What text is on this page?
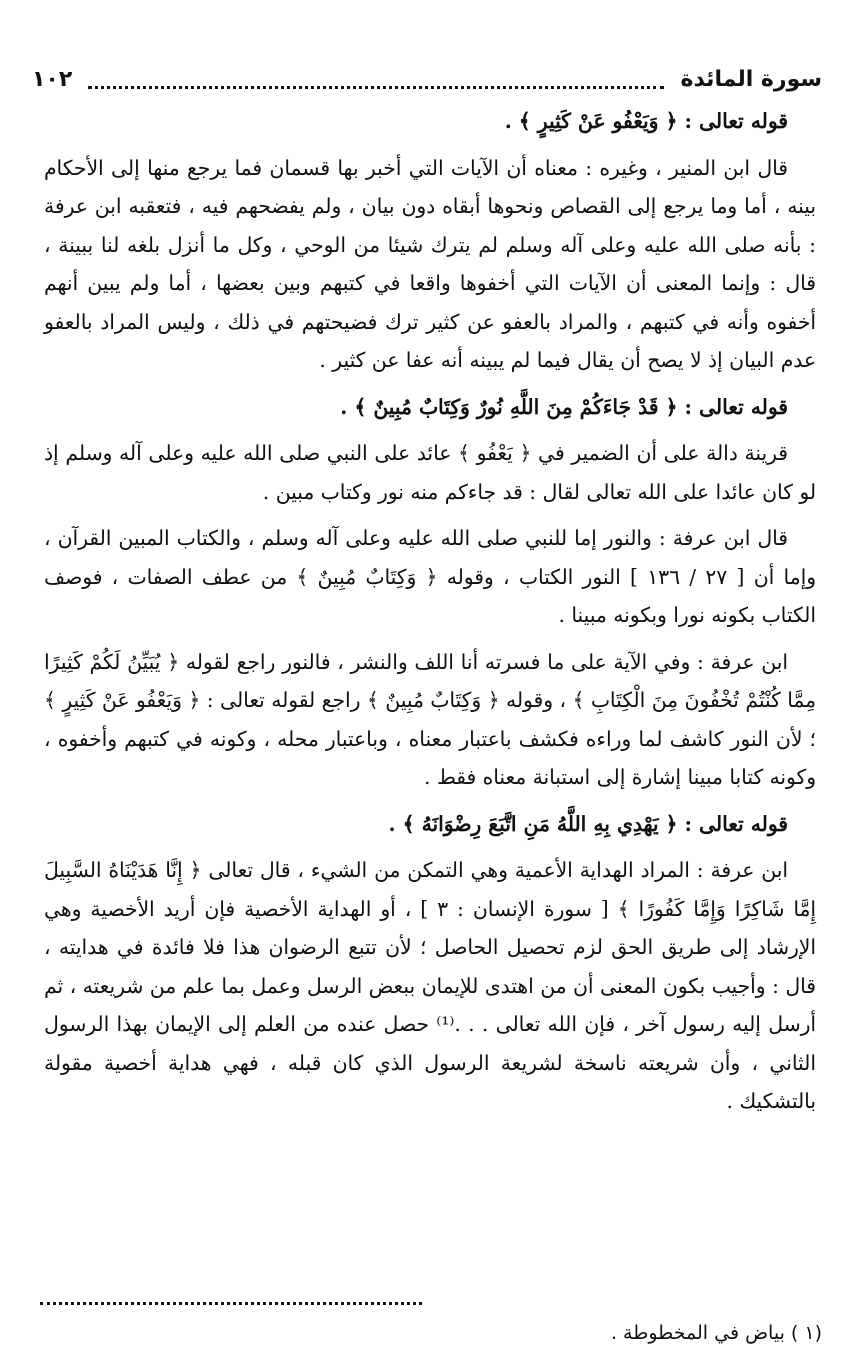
سورة المائدة
١٠٢

قوله تعالى : ﴿ وَيَعْفُو عَنْ كَثِيرٍ ﴾ .

قال ابن المنير ، وغيره : معناه أن الآيات التي أخبر بها قسمان فما يرجع منها إلى الأحكام بينه ، أما وما يرجع إلى القصاص ونحوها أبقاه دون بيان ، ولم يفضحهم فيه ، فتعقبه ابن عرفة : بأنه صلى الله عليه وعلى آله وسلم لم يترك شيئا من الوحي ، وكل ما أنزل بلغه لنا ببينة ، قال : وإنما المعنى أن الآيات التي أخفوها واقعا في كتبهم وبين بعضها ، أما ولم يبين أنهم أخفوه وأنه في كتبهم ، والمراد بالعفو عن كثير ترك فضيحتهم في ذلك ، وليس المراد بالعفو عدم البيان إذ لا يصح أن يقال فيما لم يبينه أنه عفا عن كثير .

قوله تعالى : ﴿ قَدْ جَاءَكُمْ مِنَ اللَّهِ نُورٌ وَكِتَابٌ مُبِينٌ ﴾ .

قرينة دالة على أن الضمير في ﴿ يَعْفُو ﴾ عائد على النبي صلى الله عليه وعلى آله وسلم إذ لو كان عائدا على الله تعالى لقال : قد جاءكم منه نور وكتاب مبين .

قال ابن عرفة : والنور إما للنبي صلى الله عليه وعلى آله وسلم ، والكتاب المبين القرآن ، وإما أن [ ٢٧ / ١٣٦ ] النور الكتاب ، وقوله ﴿ وَكِتَابٌ مُبِينٌ ﴾ من عطف الصفات ، فوصف الكتاب بكونه نورا وبكونه مبينا .

ابن عرفة : وفي الآية على ما فسرته أنا اللف والنشر ، فالنور راجع لقوله ﴿ يُبَيِّنُ لَكُمْ كَثِيرًا مِمَّا كُنْتُمْ تُخْفُونَ مِنَ الْكِتَابِ ﴾ ، وقوله ﴿ وَكِتَابٌ مُبِينٌ ﴾ راجع لقوله تعالى : ﴿ وَيَعْفُو عَنْ كَثِيرٍ ﴾ ؛ لأن النور كاشف لما وراءه فكشف باعتبار معناه ، وباعتبار محله ، وكونه في كتبهم وأخفوه ، وكونه كتابا مبينا إشارة إلى استبانة معناه فقط .

قوله تعالى : ﴿ يَهْدِي بِهِ اللَّهُ مَنِ اتَّبَعَ رِضْوَانَهُ ﴾ .

ابن عرفة : المراد الهداية الأعمية وهي التمكن من الشيء ، قال تعالى ﴿ إِنَّا هَدَيْنَاهُ السَّبِيلَ إِمَّا شَاكِرًا وَإِمَّا كَفُورًا ﴾ [ سورة الإنسان : ٣ ] ، أو الهداية الأخصية فإن أريد الأخصية وهي الإرشاد إلى طريق الحق لزم تحصيل الحاصل ؛ لأن تتبع الرضوان هذا فلا فائدة في هدايته ، قال : وأجيب بكون المعنى أن من اهتدى للإيمان ببعض الرسل وعمل بما علم من شريعته ، ثم أرسل إليه رسول آخر ، فإن الله تعالى . . .⁽¹⁾ حصل عنده من العلم إلى الإيمان بهذا الرسول الثاني ، وأن شريعته ناسخة لشريعة الرسول الذي كان قبله ، فهي هداية أخصية مقولة بالتشكيك .

(١ ) بياض في المخطوطة .
